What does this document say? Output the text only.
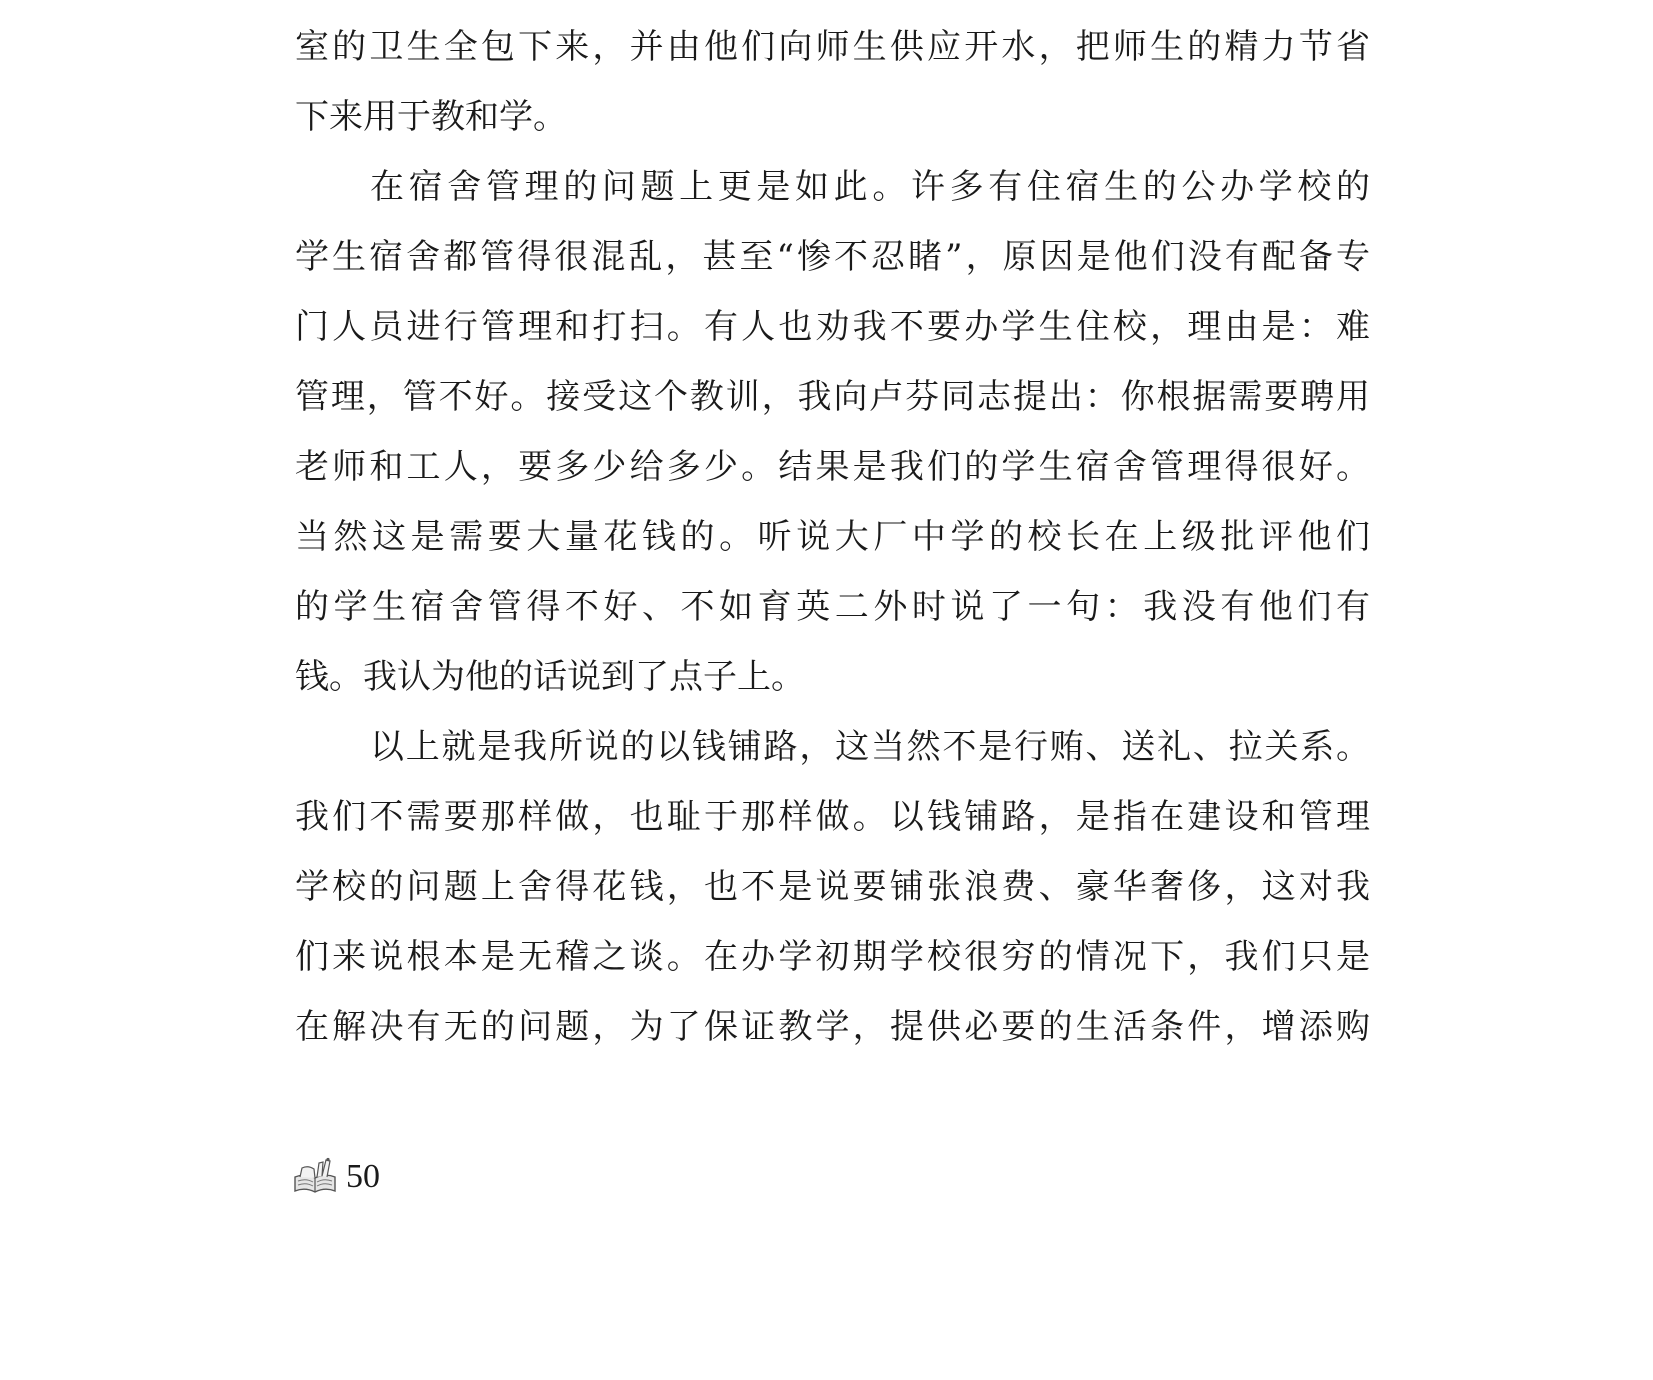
室的卫生全包下来，并由他们向师生供应开水，把师生的精力节省
下来用于教和学。
在宿舍管理的问题上更是如此。许多有住宿生的公办学校的
学生宿舍都管得很混乱，甚至“惨不忍睹”，原因是他们没有配备专
门人员进行管理和打扫。有人也劝我不要办学生住校，理由是：难
管理，管不好。接受这个教训，我向卢芬同志提出：你根据需要聘用
老师和工人，要多少给多少。结果是我们的学生宿舍管理得很好。
当然这是需要大量花钱的。听说大厂中学的校长在上级批评他们
的学生宿舍管得不好、不如育英二外时说了一句：我没有他们有
钱。我认为他的话说到了点子上。
以上就是我所说的以钱铺路，这当然不是行贿、送礼、拉关系。
我们不需要那样做，也耻于那样做。以钱铺路，是指在建设和管理
学校的问题上舍得花钱，也不是说要铺张浪费、豪华奢侈，这对我
们来说根本是无稽之谈。在办学初期学校很穷的情况下，我们只是
在解决有无的问题，为了保证教学，提供必要的生活条件，增添购
50
